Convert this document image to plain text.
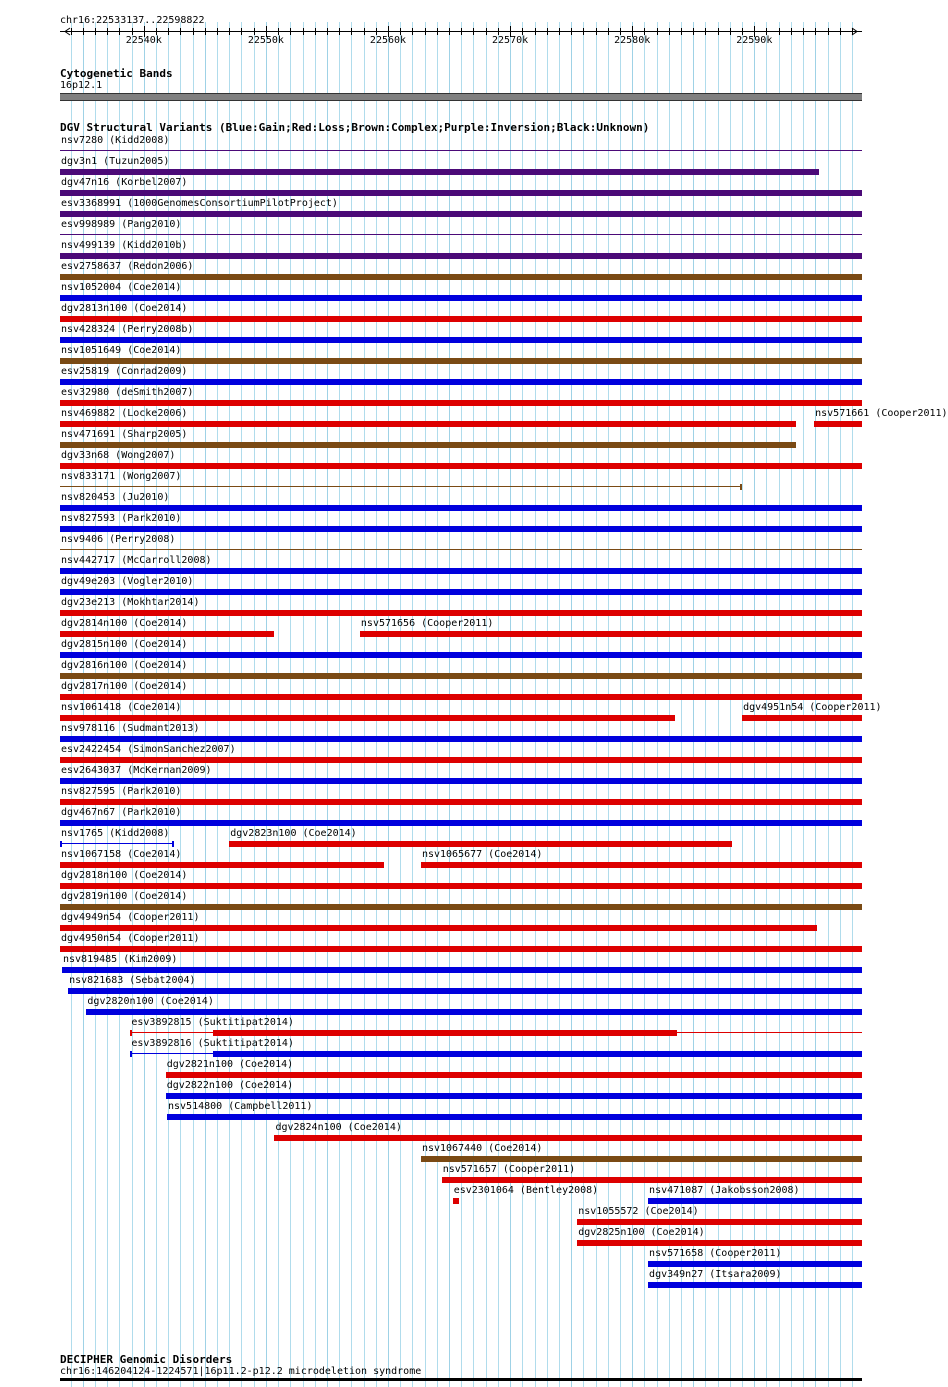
chr16:22533137..22598822
22540k	22550k	22560k	22570k	22580k	22590k
Cytogenetic Bands
16p12.1
DGV Structural Variants (Blue:Gain;Red:Loss;Brown:Complex;Purple:Inversion;Black:Unknown)
nsv7280 (Kidd2008)
dgv3n1 (Tuzun2005)
dgv47n16 (Korbel2007)
esv3368991 (1000GenomesConsortiumPilotProject)
esv998989 (Pang2010)
nsv499139 (Kidd2010b)
esv2758637 (Redon2006)
nsv1052004 (Coe2014)
dgv2813n100 (Coe2014)
nsv428324 (Perry2008b)
nsv1051649 (Coe2014)
esv25819 (Conrad2009)
esv32980 (deSmith2007)
nsv469882 (Locke2006)	nsv571661 (Cooper2011)
nsv471691 (Sharp2005)
dgv33n68 (Wong2007)
nsv833171 (Wong2007)
nsv820453 (Ju2010)
nsv827593 (Park2010)
nsv9406 (Perry2008)
nsv442717 (McCarroll2008)
dgv49e203 (Vogler2010)
dgv23e213 (Mokhtar2014)
dgv2814n100 (Coe2014)	nsv571656 (Cooper2011)
dgv2815n100 (Coe2014)
dgv2816n100 (Coe2014)
dgv2817n100 (Coe2014)
nsv1061418 (Coe2014)	dgv4951n54 (Cooper2011)
nsv978116 (Sudmant2013)
esv2422454 (SimonSanchez2007)
esv2643037 (McKernan2009)
nsv827595 (Park2010)
dgv467n67 (Park2010)
nsv1765 (Kidd2008)	dgv2823n100 (Coe2014)
nsv1067158 (Coe2014)	nsv1065677 (Coe2014)
dgv2818n100 (Coe2014)
dgv2819n100 (Coe2014)
dgv4949n54 (Cooper2011)
dgv4950n54 (Cooper2011)
nsv819485 (Kim2009)
nsv821683 (Sebat2004)
dgv2820n100 (Coe2014)
esv3892815 (Suktitipat2014)
esv3892816 (Suktitipat2014)
dgv2821n100 (Coe2014)
dgv2822n100 (Coe2014)
nsv514800 (Campbell2011)
dgv2824n100 (Coe2014)
nsv1067440 (Coe2014)
nsv571657 (Cooper2011)
esv2301064 (Bentley2008)	nsv471087 (Jakobsson2008)
nsv1055572 (Coe2014)
dgv2825n100 (Coe2014)
nsv571658 (Cooper2011)
dgv349n27 (Itsara2009)
DECIPHER Genomic Disorders
chr16:146204124-1224571|16p11.2-p12.2 microdeletion syndrome
